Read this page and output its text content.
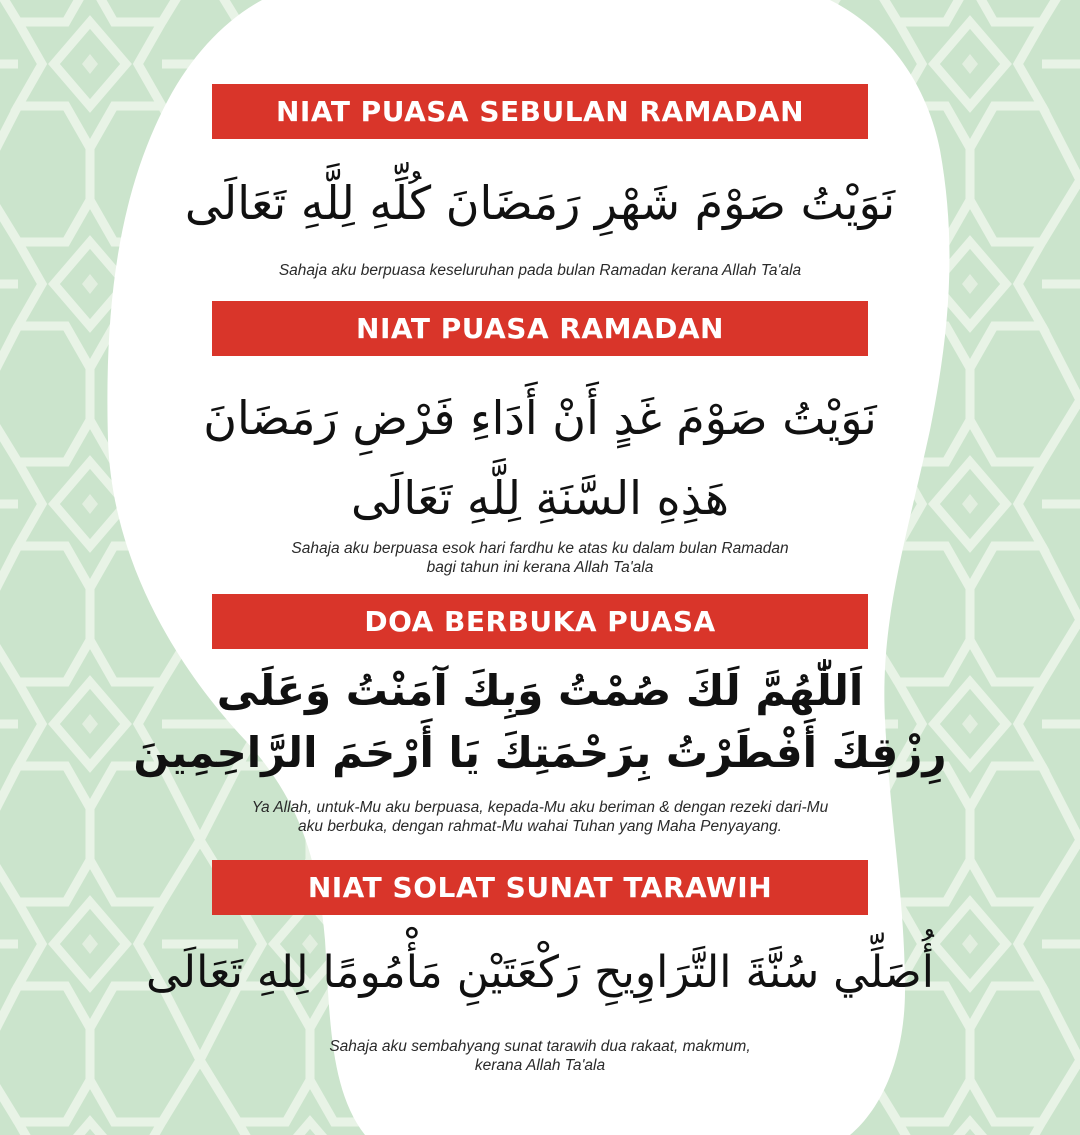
NIAT PUASA SEBULAN RAMADAN
نَوَيْتُ صَوْمَ شَهْرِ رَمَضَانَ كُلِّهِ لِلَّهِ تَعَالَى
Sahaja aku berpuasa keseluruhan pada bulan Ramadan kerana Allah Ta'ala
NIAT PUASA RAMADAN
نَوَيْتُ صَوْمَ غَدٍ أَنْ أَدَاءِ فَرْضِ رَمَضَانَ
هَذِهِ السَّنَةِ لِلَّهِ تَعَالَى
Sahaja aku berpuasa esok hari fardhu ke atas ku dalam bulan Ramadan
bagi tahun ini kerana Allah Ta'ala
DOA BERBUKA PUASA
اَللّٰهُمَّ لَكَ صُمْتُ وَبِكَ آمَنْتُ وَعَلَى
رِزْقِكَ أَفْطَرْتُ بِرَحْمَتِكَ يَا أَرْحَمَ الرَّاحِمِينَ
Ya Allah, untuk-Mu aku berpuasa, kepada-Mu aku beriman & dengan rezeki dari-Mu
aku berbuka, dengan rahmat-Mu wahai Tuhan yang Maha Penyayang.
NIAT SOLAT SUNAT TARAWIH
أُصَلِّي سُنَّةَ التَّرَاوِيحِ رَكْعَتَيْنِ مَأْمُومًا لِلهِ تَعَالَى
Sahaja aku sembahyang sunat tarawih dua rakaat, makmum,
kerana Allah Ta'ala
